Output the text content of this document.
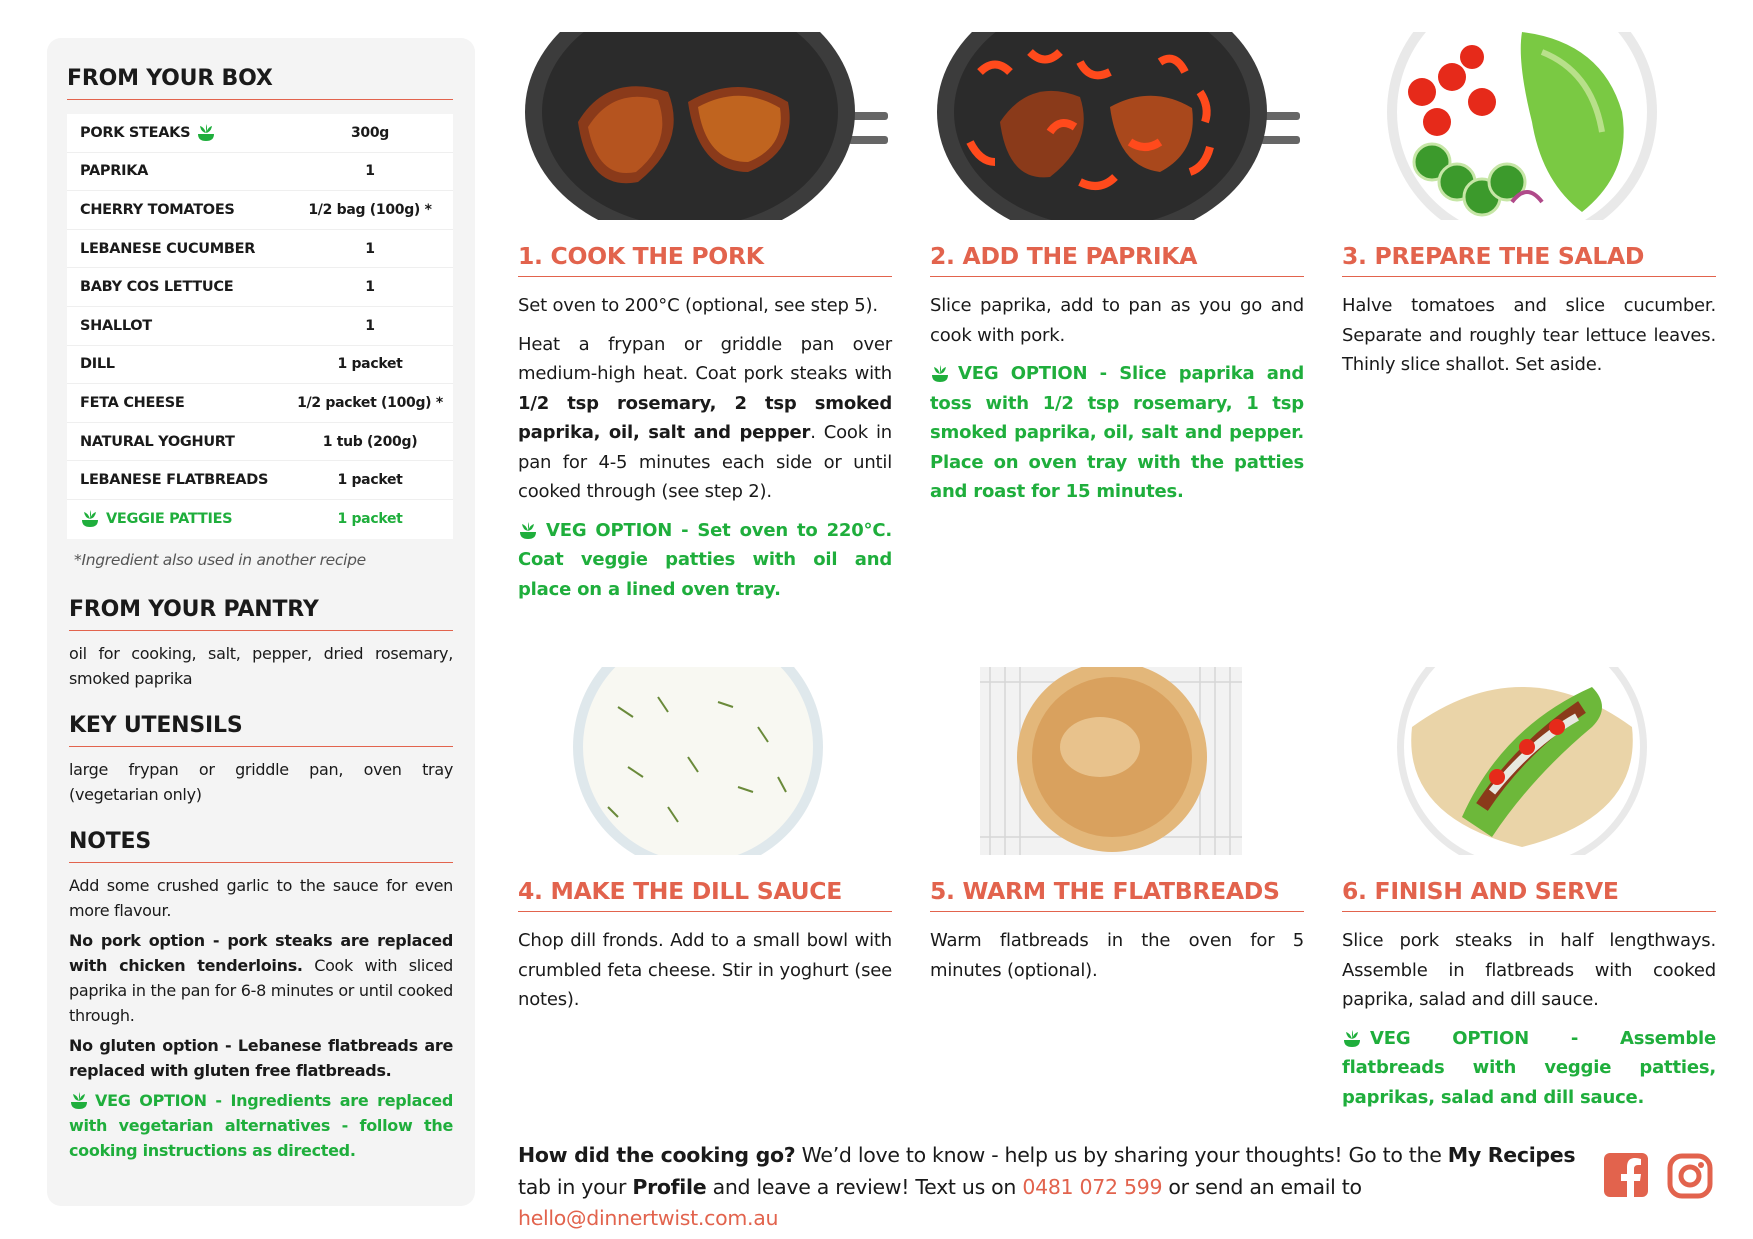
FROM YOUR BOX
PORK STEAKS	300g
PAPRIKA	1
CHERRY TOMATOES	1/2 bag (100g) *
LEBANESE CUCUMBER	1
BABY COS LETTUCE	1
SHALLOT	1
DILL	1 packet
FETA CHEESE	1/2 packet (100g) *
NATURAL YOGHURT	1 tub (200g)
LEBANESE FLATBREADS	1 packet
VEGGIE PATTIES	1 packet
*Ingredient also used in another recipe
FROM YOUR PANTRY
oil for cooking, salt, pepper, dried rosemary, smoked paprika
KEY UTENSILS
large frypan or griddle pan, oven tray (vegetarian only)
NOTES

Add some crushed garlic to the sauce for even more flavour.

No pork option - pork steaks are replaced with chicken tenderloins. Cook with sliced paprika in the pan for 6-8 minutes or until cooked through.

No gluten option - Lebanese flatbreads are replaced with gluten free flatbreads.

VEG OPTION - Ingredients are replaced with vegetarian alternatives - follow the cooking instructions as directed.

1. COOK THE PORK

Set oven to 200°C (optional, see step 5).

Heat a frypan or griddle pan over medium-high heat. Coat pork steaks with 1/2 tsp rosemary, 2 tsp smoked paprika, oil, salt and pepper. Cook in pan for 4-5 minutes each side or until cooked through (see step 2).

VEG OPTION - Set oven to 220°C. Coat veggie patties with oil and place on a lined oven tray.

2. ADD THE PAPRIKA

Slice paprika, add to pan as you go and cook with pork.

VEG OPTION - Slice paprika and toss with 1/2 tsp rosemary, 1 tsp smoked paprika, oil, salt and pepper. Place on oven tray with the patties and roast for 15 minutes.

3. PREPARE THE SALAD

Halve tomatoes and slice cucumber. Separate and roughly tear lettuce leaves. Thinly slice shallot. Set aside.

4. MAKE THE DILL SAUCE

Chop dill fronds. Add to a small bowl with crumbled feta cheese. Stir in yoghurt (see notes).

5. WARM THE FLATBREADS

Warm flatbreads in the oven for 5 minutes (optional).

6. FINISH AND SERVE

Slice pork steaks in half lengthways. Assemble in flatbreads with cooked paprika, salad and dill sauce.

VEG OPTION - Assemble flatbreads with veggie patties, paprikas, salad and dill sauce.

How did the cooking go? We’d love to know - help us by sharing your thoughts! Go to the My Recipes tab in your Profile and leave a review! Text us on 0481 072 599 or send an email to hello@dinnertwist.com.au
